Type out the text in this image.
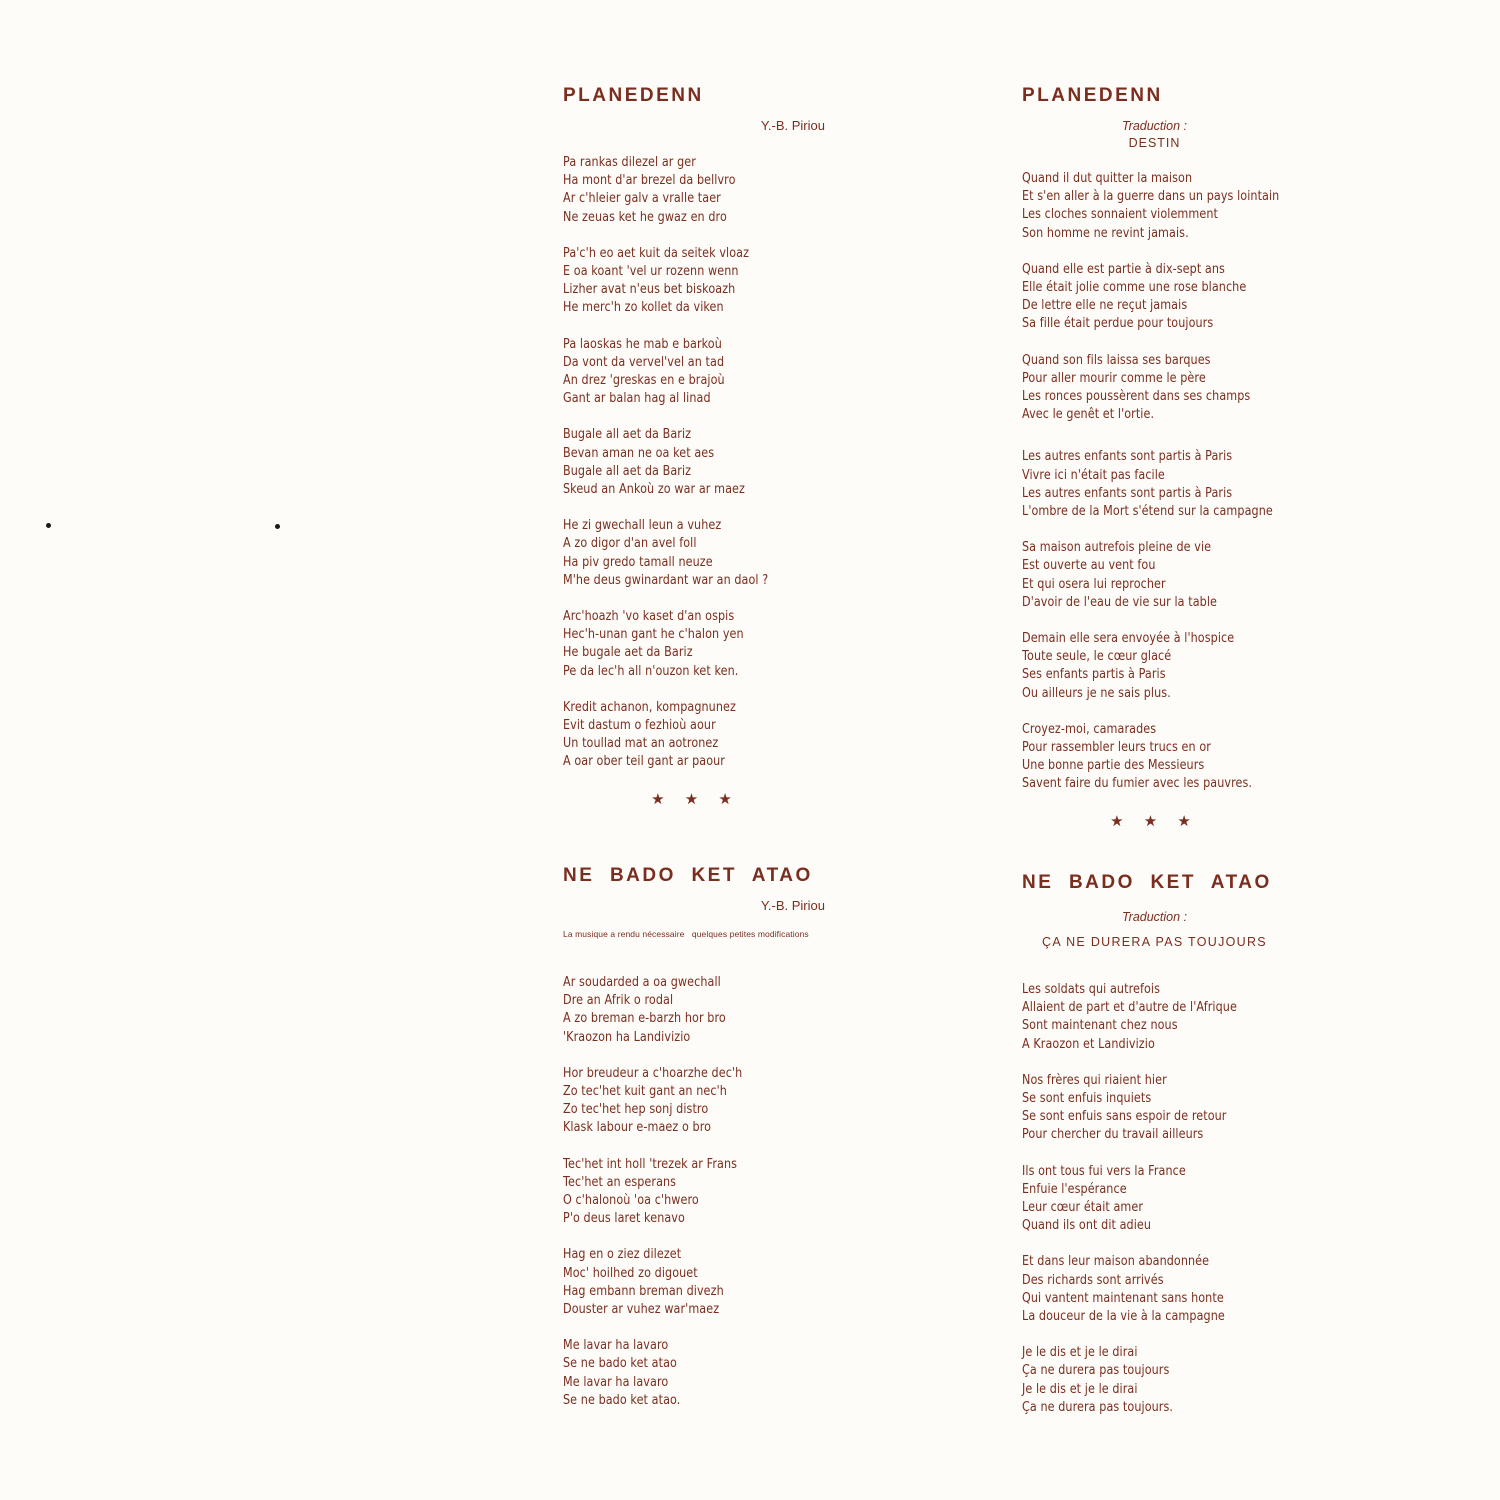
PLANEDENN
Y.-B. Piriou
Pa rankas dilezel ar ger
Ha mont d'ar brezel da bellvro
Ar c'hleier galv a vralle taer
Ne zeuas ket he gwaz en dro
Pa'c'h eo aet kuit da seitek vloaz
E oa koant 'vel ur rozenn wenn
Lizher avat n'eus bet biskoazh
He merc'h zo kollet da viken
Pa laoskas he mab e barkoù
Da vont da vervel'vel an tad
An drez 'greskas en e brajoù
Gant ar balan hag al linad
Bugale all aet da Bariz
Bevan aman ne oa ket aes
Bugale all aet da Bariz
Skeud an Ankoù zo war ar maez
He zi gwechall leun a vuhez
A zo digor d'an avel foll
Ha piv gredo tamall neuze
M'he deus gwinardant war an daol ?
Arc'hoazh 'vo kaset d'an ospis
Hec'h-unan gant he c'halon yen
He bugale aet da Bariz
Pe da lec'h all n'ouzon ket ken.
Kredit achanon, kompagnunez
Evit dastum o fezhioù aour
Un toullad mat an aotronez
A oar ober teil gant ar paour
★ ★ ★
PLANEDENN
Traduction :
DESTIN
Quand il dut quitter la maison
Et s'en aller à la guerre dans un pays lointain
Les cloches sonnaient violemment
Son homme ne revint jamais.
Quand elle est partie à dix-sept ans
Elle était jolie comme une rose blanche
De lettre elle ne reçut jamais
Sa fille était perdue pour toujours
Quand son fils laissa ses barques
Pour aller mourir comme le père
Les ronces poussèrent dans ses champs
Avec le genêt et l'ortie.
Les autres enfants sont partis à Paris
Vivre ici n'était pas facile
Les autres enfants sont partis à Paris
L'ombre de la Mort s'étend sur la campagne
Sa maison autrefois pleine de vie
Est ouverte au vent fou
Et qui osera lui reprocher
D'avoir de l'eau de vie sur la table
Demain elle sera envoyée à l'hospice
Toute seule, le cœur glacé
Ses enfants partis à Paris
Ou ailleurs je ne sais plus.
Croyez-moi, camarades
Pour rassembler leurs trucs en or
Une bonne partie des Messieurs
Savent faire du fumier avec les pauvres.
★ ★ ★
NE  BADO  KET  ATAO
Y.-B. Piriou
La musique a rendu nécessaire   quelques petites modifications
Ar soudarded a oa gwechall
Dre an Afrik o rodal
A zo breman e-barzh hor bro
'Kraozon ha Landivizio
Hor breudeur a c'hoarzhe dec'h
Zo tec'het kuit gant an nec'h
Zo tec'het hep sonj distro
Klask labour e-maez o bro
Tec'het int holl 'trezek ar Frans
Tec'het an esperans
O c'halonoù 'oa c'hwero
P'o deus laret kenavo
Hag en o ziez dilezet
Moc' hoilhed zo digouet
Hag embann breman divezh
Douster ar vuhez war'maez
Me lavar ha lavaro
Se ne bado ket atao
Me lavar ha lavaro
Se ne bado ket atao.
NE  BADO  KET  ATAO
Traduction :
ÇA NE DURERA PAS TOUJOURS
Les soldats qui autrefois
Allaient de part et d'autre de l'Afrique
Sont maintenant chez nous
A Kraozon et Landivizio
Nos frères qui riaient hier
Se sont enfuis inquiets
Se sont enfuis sans espoir de retour
Pour chercher du travail ailleurs
Ils ont tous fui vers la France
Enfuie l'espérance
Leur cœur était amer
Quand ils ont dit adieu
Et dans leur maison abandonnée
Des richards sont arrivés
Qui vantent maintenant sans honte
La douceur de la vie à la campagne
Je le dis et je le dirai
Ça ne durera pas toujours
Je le dis et je le dirai
Ça ne durera pas toujours.
